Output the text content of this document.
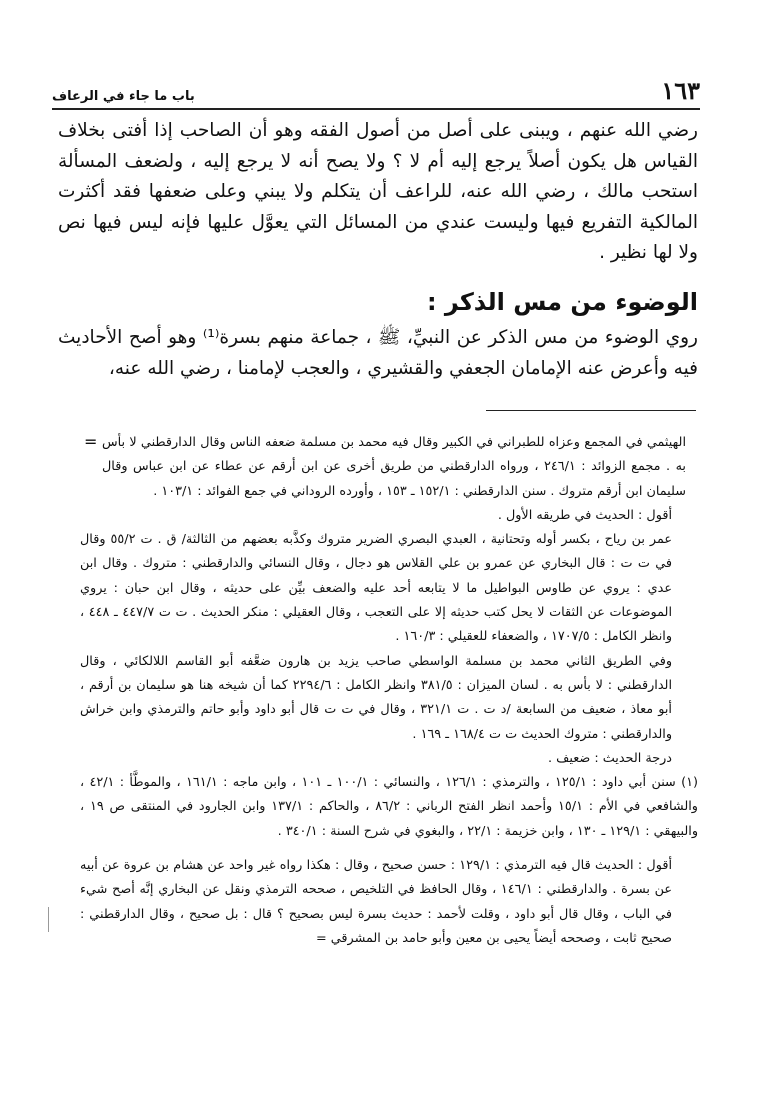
١٦٣
باب ما جاء في الرعاف

رضي الله عنهم ، ويبنى على أصل من أصول الفقه وهو أن الصاحب إذا أفتى بخلاف القياس هل يكون أصلاً يرجع إليه أم لا ؟ ولا يصح أنه لا يرجع إليه ، ولضعف المسألة استحب مالك ، رضي الله عنه، للراعف أن يتكلم ولا يبني وعلى ضعفها فقد أكثرت المالكية التفريع فيها وليست عندي من المسائل التي يعوَّل عليها فإنه ليس فيها نص ولا لها نظير .

الوضوء من مس الذكر :

روي الوضوء من مس الذكر عن النبيِّ، ﷺ ، جماعة منهم بسرة⁽¹⁾ وهو أصح الأحاديث فيه وأعرض عنه الإمامان الجعفي والقشيري ، والعجب لإمامنا ، رضي الله عنه،

= الهيثمي في المجمع وعزاه للطبراني في الكبير وقال فيه محمد بن مسلمة ضعفه الناس وقال الدارقطني لا بأس به . مجمع الزوائد : ٢٤٦/١ ، ورواه الدارقطني من طريق أخرى عن ابن أرقم عن عطاء عن ابن عباس وقال سليمان ابن أرقم متروك . سنن الدارقطني : ١٥٢/١ ـ ١٥٣ ، وأورده الروداني في جمع الفوائد : ١٠٣/١ .

أقول : الحديث في طريقه الأول .

عمر بن رياح ، بكسر أوله وتحتانية ، العبدي البصري الضرير متروك وكذَّبه بعضهم من الثالثة/ ق . ت ٥٥/٢ وقال في ت ت : قال البخاري عن عمرو بن علي القلاس هو دجال ، وقال النسائي والدارقطني : متروك . وقال ابن عدي : يروي عن طاوس البواطيل ما لا يتابعه أحد عليه والضعف بيِّن على حديثه ، وقال ابن حبان : يروي الموضوعات عن الثقات لا يحل كتب حديثه إلا على التعجب ، وقال العقيلي : منكر الحديث . ت ت ٤٤٧/٧ ـ ٤٤٨ ، وانظر الكامل : ١٧٠٧/٥ ، والضعفاء للعقيلي : ١٦٠/٣ .

وفي الطريق الثاني محمد بن مسلمة الواسطي صاحب يزيد بن هارون ضعَّفه أبو القاسم اللالكائي ، وقال الدارقطني : لا بأس به . لسان الميزان : ٣٨١/٥ وانظر الكامل : ٢٢٩٤/٦ كما أن شيخه هنا هو سليمان بن أرقم ، أبو معاذ ، ضعيف من السابعة /د ت . ت ٣٢١/١ ، وقال في ت ت قال أبو داود وأبو حاتم والترمذي وابن خراش والدارقطني : متروك الحديث ت ت ١٦٨/٤ ـ ١٦٩ .

درجة الحديث : ضعيف .

(١) سنن أبي داود : ١٢٥/١ ، والترمذي : ١٢٦/١ ، والنسائي : ١٠٠/١ ـ ١٠١ ، وابن ماجه : ١٦١/١ ، والموطَّأ : ٤٢/١ ، والشافعي في الأم : ١٥/١ وأحمد انظر الفتح الرباني : ٨٦/٢ ، والحاكم : ١٣٧/١ وابن الجارود في المنتقى ص ١٩ ، والبيهقي : ١٢٩/١ ـ ١٣٠ ، وابن خزيمة : ٢٢/١ ، والبغوي في شرح السنة : ٣٤٠/١ .

أقول : الحديث قال فيه الترمذي : ١٢٩/١ : حسن صحيح ، وقال : هكذا رواه غير واحد عن هشام بن عروة عن أبيه عن بسرة . والدارقطني : ١٤٦/١ ، وقال الحافظ في التلخيص ، صححه الترمذي ونقل عن البخاري إنَّه أصح شيء في الباب ، وقال قال أبو داود ، وقلت لأحمد : حديث بسرة ليس بصحيح ؟ قال : بل صحيح ، وقال الدارقطني : صحيح ثابت ، وصححه أيضاً يحيى بن معين وأبو حامد بن المشرقي =
